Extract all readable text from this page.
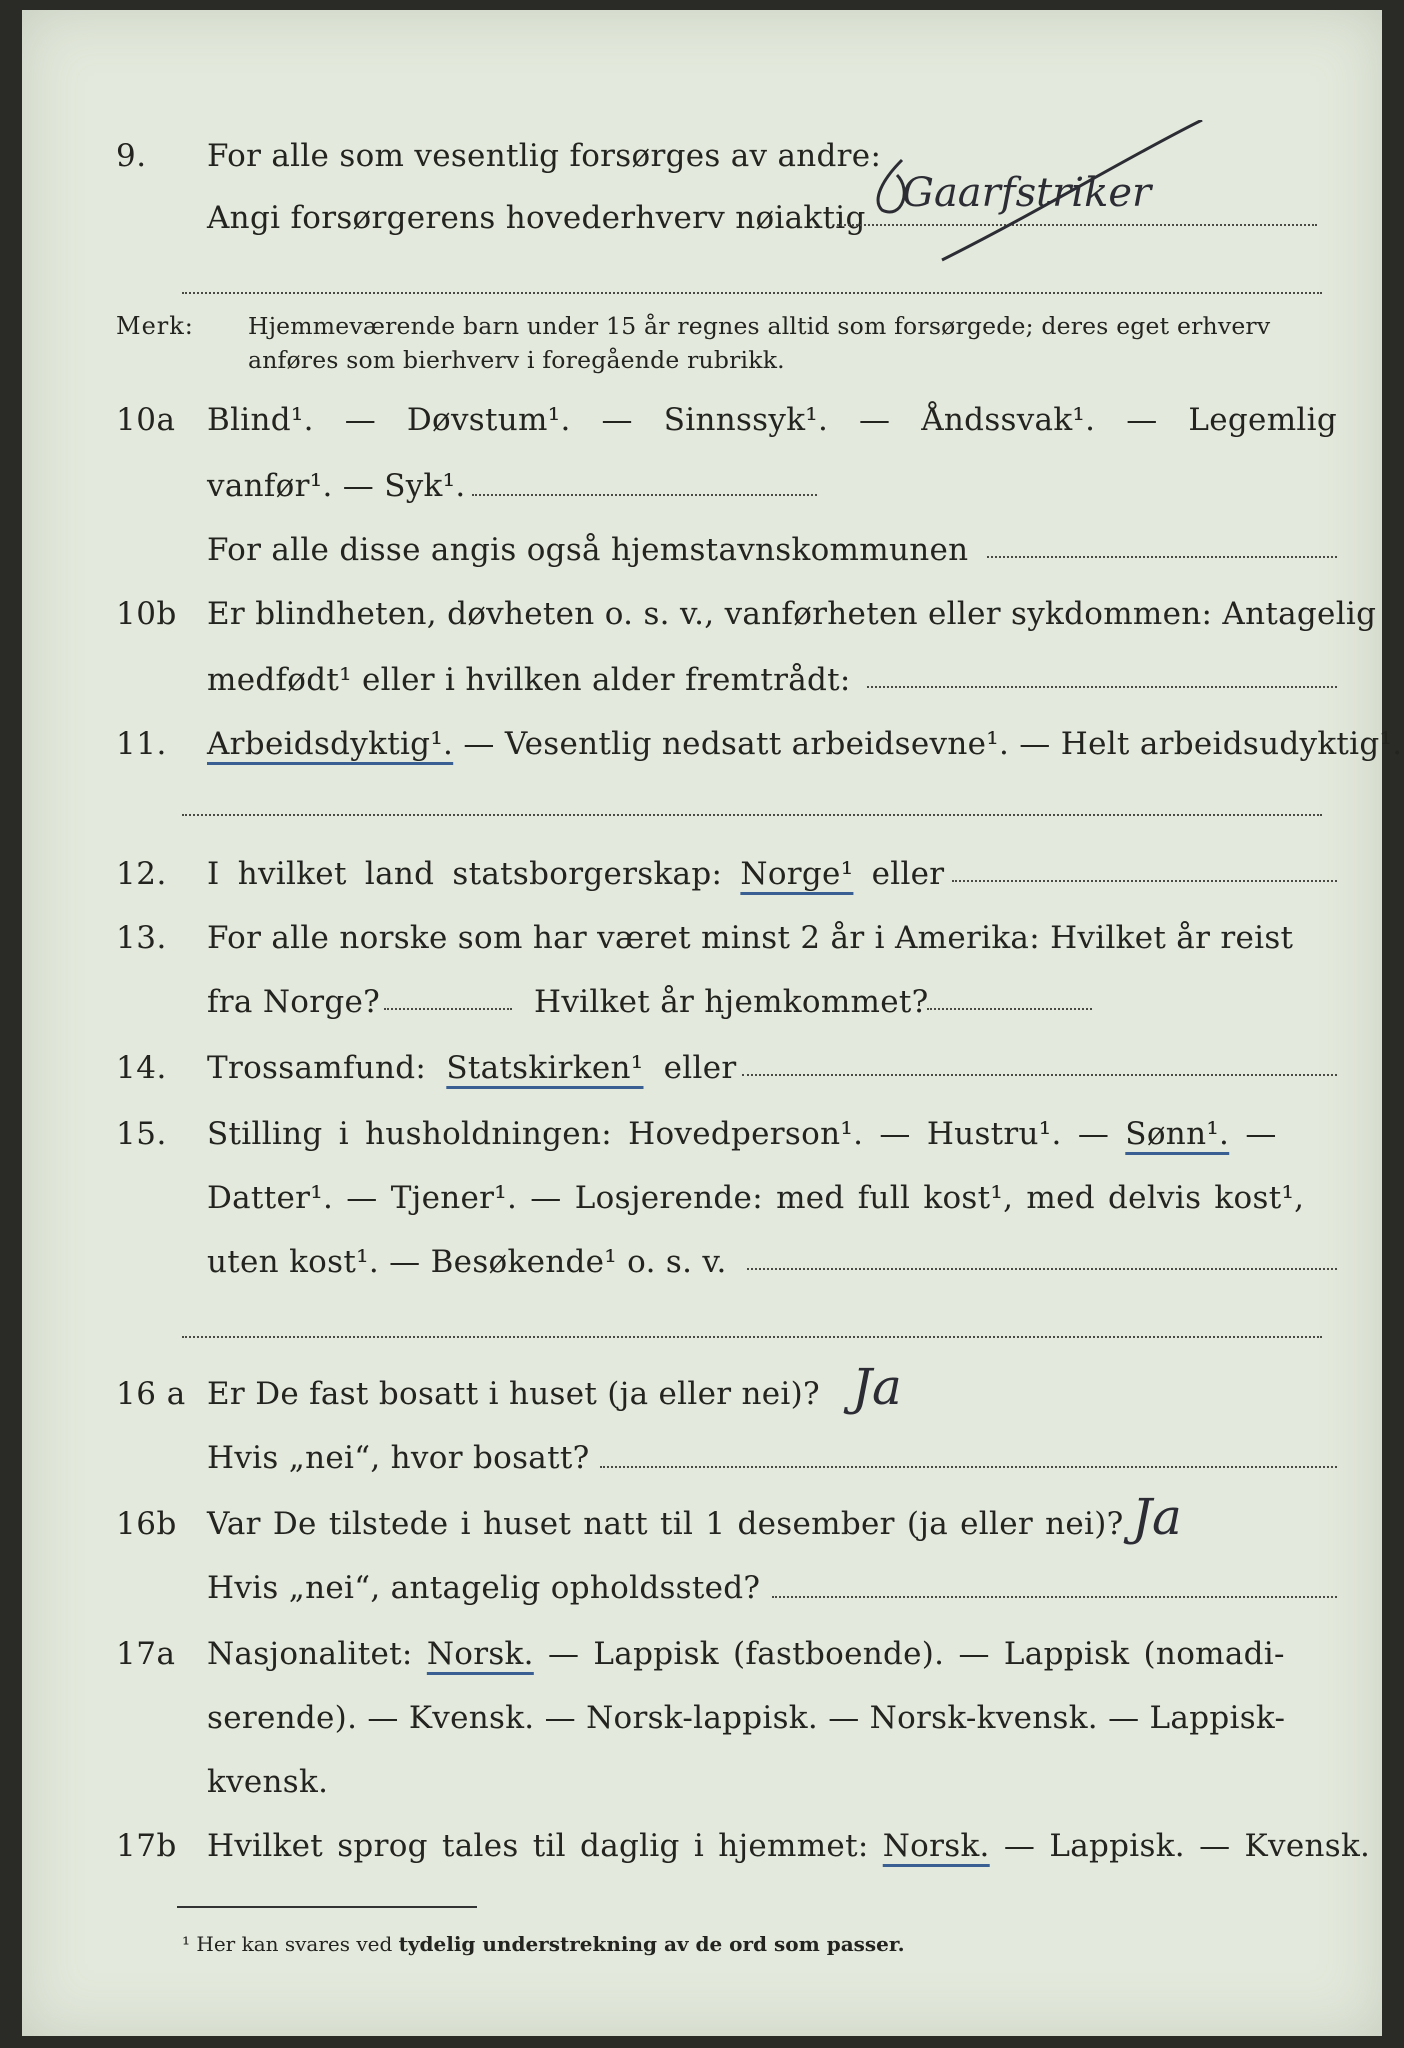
9. For alle som vesentlig forsørges av andre:
Angi forsørgerens hovederhverv nøiaktig
Gaarfstriker
Merk: Hjemmeværende barn under 15 år regnes alltid som forsørgede; deres eget erhverv
anføres som bierhverv i foregående rubrikk.
10a Blind¹. — Døvstum¹. — Sinnssyk¹. — Åndssvak¹. — Legemlig
vanfør¹. — Syk¹.
For alle disse angis også hjemstavnskommunen
10b Er blindheten, døvheten o. s. v., vanførheten eller sykdommen: Antagelig
medfødt¹ eller i hvilken alder fremtrådt:
11. Arbeidsdyktig¹. — Vesentlig nedsatt arbeidsevne¹. — Helt arbeidsudyktig¹.
12. I hvilket land statsborgerskap: Norge¹ eller
13. For alle norske som har været minst 2 år i Amerika: Hvilket år reist
fra Norge?	Hvilket år hjemkommet?
14. Trossamfund: Statskirken¹ eller
15. Stilling i husholdningen: Hovedperson¹. — Hustru¹. — Sønn¹. —
Datter¹. — Tjener¹. — Losjerende: med full kost¹, med delvis kost¹,
uten kost¹. — Besøkende¹ o. s. v.
16 a Er De fast bosatt i huset (ja eller nei)? Ja
Hvis „nei“, hvor bosatt?
16b Var De tilstede i huset natt til 1 desember (ja eller nei)? Ja
Hvis „nei“, antagelig opholdssted?
17a Nasjonalitet: Norsk. — Lappisk (fastboende). — Lappisk (nomadi-
serende). — Kvensk. — Norsk-lappisk. — Norsk-kvensk. — Lappisk-
kvensk.
17b Hvilket sprog tales til daglig i hjemmet: Norsk. — Lappisk. — Kvensk.
¹ Her kan svares ved tydelig understrekning av de ord som passer.
